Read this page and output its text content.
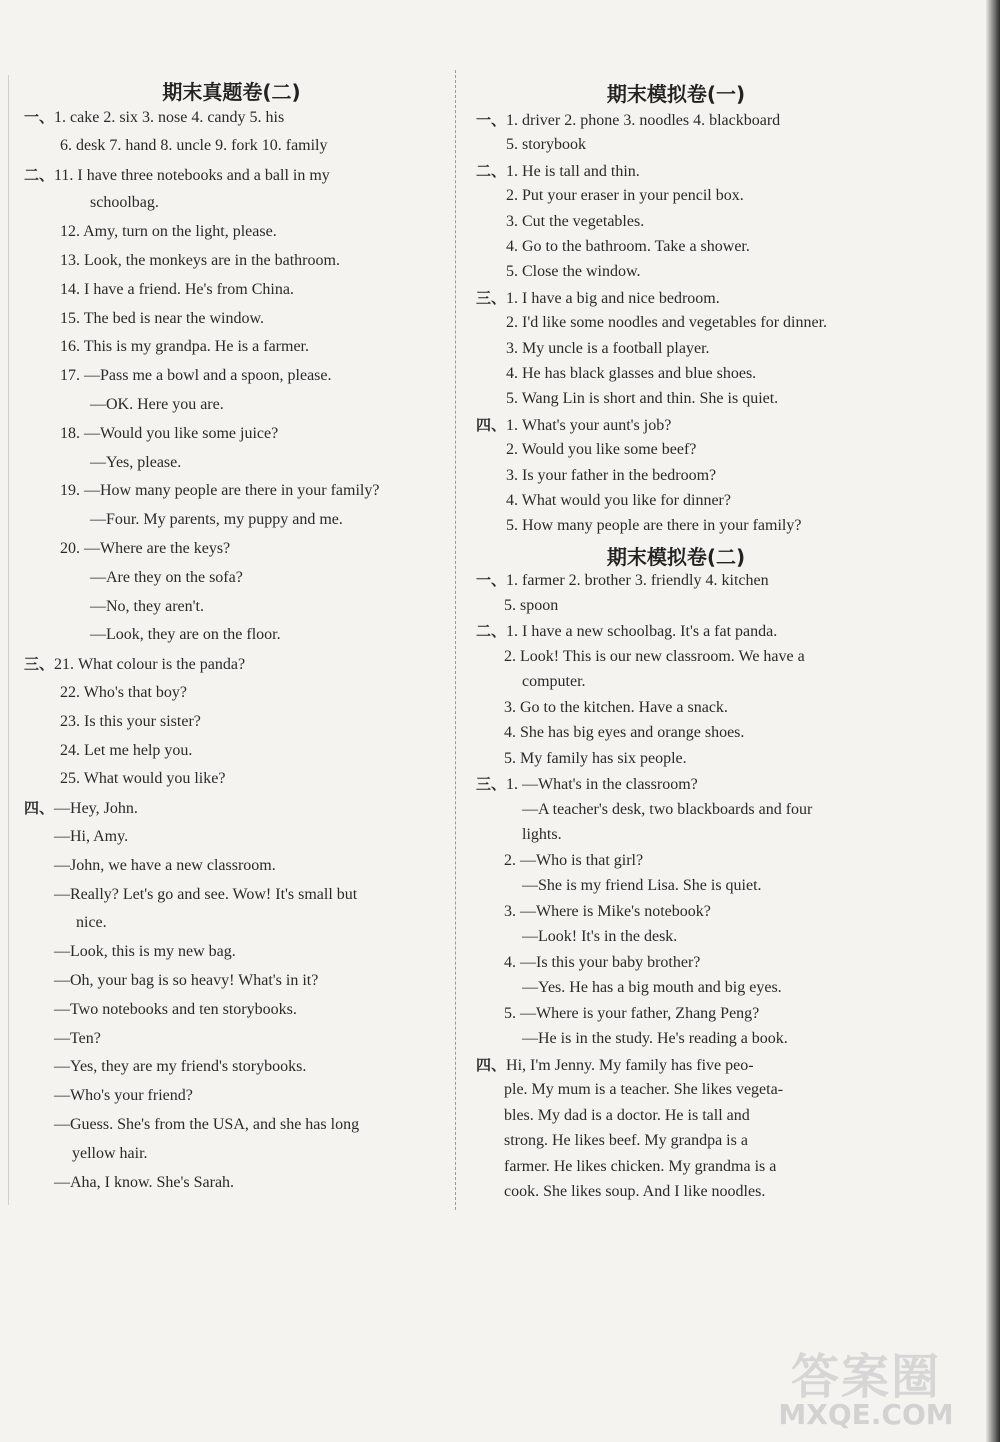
期末真题卷(二)
一、1. cake 2. six 3. nose 4. candy 5. his
6. desk 7. hand 8. uncle 9. fork 10. family
二、11. I have three notebooks and a ball in my
schoolbag.
12. Amy, turn on the light, please.
13. Look, the monkeys are in the bathroom.
14. I have a friend. He's from China.
15. The bed is near the window.
16. This is my grandpa. He is a farmer.
17. —Pass me a bowl and a spoon, please.
—OK. Here you are.
18. —Would you like some juice?
—Yes, please.
19. —How many people are there in your family?
—Four. My parents, my puppy and me.
20. —Where are the keys?
—Are they on the sofa?
—No, they aren't.
—Look, they are on the floor.
三、21. What colour is the panda?
22. Who's that boy?
23. Is this your sister?
24. Let me help you.
25. What would you like?
四、—Hey, John.
—Hi, Amy.
—John, we have a new classroom.
—Really? Let's go and see. Wow! It's small but
nice.
—Look, this is my new bag.
—Oh, your bag is so heavy! What's in it?
—Two notebooks and ten storybooks.
—Ten?
—Yes, they are my friend's storybooks.
—Who's your friend?
—Guess. She's from the USA, and she has long
yellow hair.
—Aha, I know. She's Sarah.
期末模拟卷(一)
期末模拟卷(二)
一、1. driver 2. phone 3. noodles 4. blackboard
5. storybook
二、1. He is tall and thin.
2. Put your eraser in your pencil box.
3. Cut the vegetables.
4. Go to the bathroom. Take a shower.
5. Close the window.
三、1. I have a big and nice bedroom.
2. I'd like some noodles and vegetables for dinner.
3. My uncle is a football player.
4. He has black glasses and blue shoes.
5. Wang Lin is short and thin. She is quiet.
四、1. What's your aunt's job?
2. Would you like some beef?
3. Is your father in the bedroom?
4. What would you like for dinner?
5. How many people are there in your family?
一、1. farmer 2. brother 3. friendly 4. kitchen
5. spoon
二、1. I have a new schoolbag. It's a fat panda.
2. Look! This is our new classroom. We have a
computer.
3. Go to the kitchen. Have a snack.
4. She has big eyes and orange shoes.
5. My family has six people.
三、1. —What's in the classroom?
—A teacher's desk, two blackboards and four
lights.
2. —Who is that girl?
—She is my friend Lisa. She is quiet.
3. —Where is Mike's notebook?
—Look! It's in the desk.
4. —Is this your baby brother?
—Yes. He has a big mouth and big eyes.
5. —Where is your father, Zhang Peng?
—He is in the study. He's reading a book.
四、Hi, I'm Jenny. My family has five peo-
ple. My mum is a teacher. She likes vegeta-
bles. My dad is a doctor. He is tall and
strong. He likes beef. My grandpa is a
farmer. He likes chicken. My grandma is a
cook. She likes soup. And I like noodles.
答案圈
MXQE.COM
